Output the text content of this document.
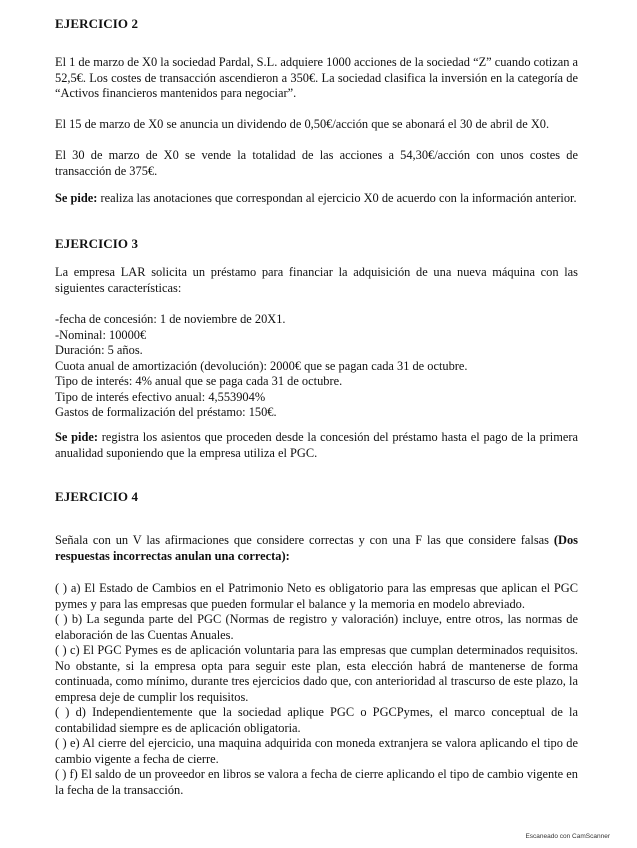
EJERCICIO 2
El 1 de marzo de X0 la sociedad Pardal, S.L. adquiere 1000 acciones de la sociedad “Z” cuando cotizan a 52,5€. Los costes de transacción ascendieron a 350€. La sociedad clasifica la inversión en la categoría de “Activos financieros mantenidos para negociar”.
El 15 de marzo de X0 se anuncia un dividendo de 0,50€/acción que se abonará el 30 de abril de X0.
El 30 de marzo de X0 se vende la totalidad de las acciones a 54,30€/acción con unos costes de transacción de 375€.
Se pide: realiza las anotaciones que correspondan al ejercicio X0 de acuerdo con la información anterior.
EJERCICIO 3
La empresa LAR solicita un préstamo para financiar la adquisición de una nueva máquina con las siguientes características:
-fecha de concesión: 1 de noviembre de 20X1.
-Nominal: 10000€
Duración: 5 años.
Cuota anual de amortización (devolución): 2000€ que se pagan cada 31 de octubre.
Tipo de interés: 4% anual que se paga cada 31 de octubre.
Tipo de interés efectivo anual: 4,553904%
Gastos de formalización del préstamo: 150€.
Se pide: registra los asientos que proceden desde la concesión del préstamo hasta el pago de la primera anualidad suponiendo que la empresa utiliza el PGC.
EJERCICIO 4
Señala con un V las afirmaciones que considere correctas y con una F las que considere falsas (Dos respuestas incorrectas anulan una correcta):
( ) a) El Estado de Cambios en el Patrimonio Neto es obligatorio para las empresas que aplican el PGC pymes y para las empresas que pueden formular el balance y la memoria en modelo abreviado.
( ) b) La segunda parte del PGC (Normas de registro y valoración) incluye, entre otros, las normas de elaboración de las Cuentas Anuales.
( ) c) El PGC Pymes es de aplicación voluntaria para las empresas que cumplan determinados requisitos. No obstante, si la empresa opta para seguir este plan, esta elección habrá de mantenerse de forma continuada, como mínimo, durante tres ejercicios dado que, con anterioridad al trascurso de este plazo, la empresa deje de cumplir los requisitos.
( ) d) Independientemente que la sociedad aplique PGC o PGCPymes, el marco conceptual de la contabilidad siempre es de aplicación obligatoria.
( ) e) Al cierre del ejercicio, una maquina adquirida con moneda extranjera se valora aplicando el tipo de cambio vigente a fecha de cierre.
( ) f) El saldo de un proveedor en libros se valora a fecha de cierre aplicando el tipo de cambio vigente en la fecha de la transacción.
Escaneado con CamScanner
